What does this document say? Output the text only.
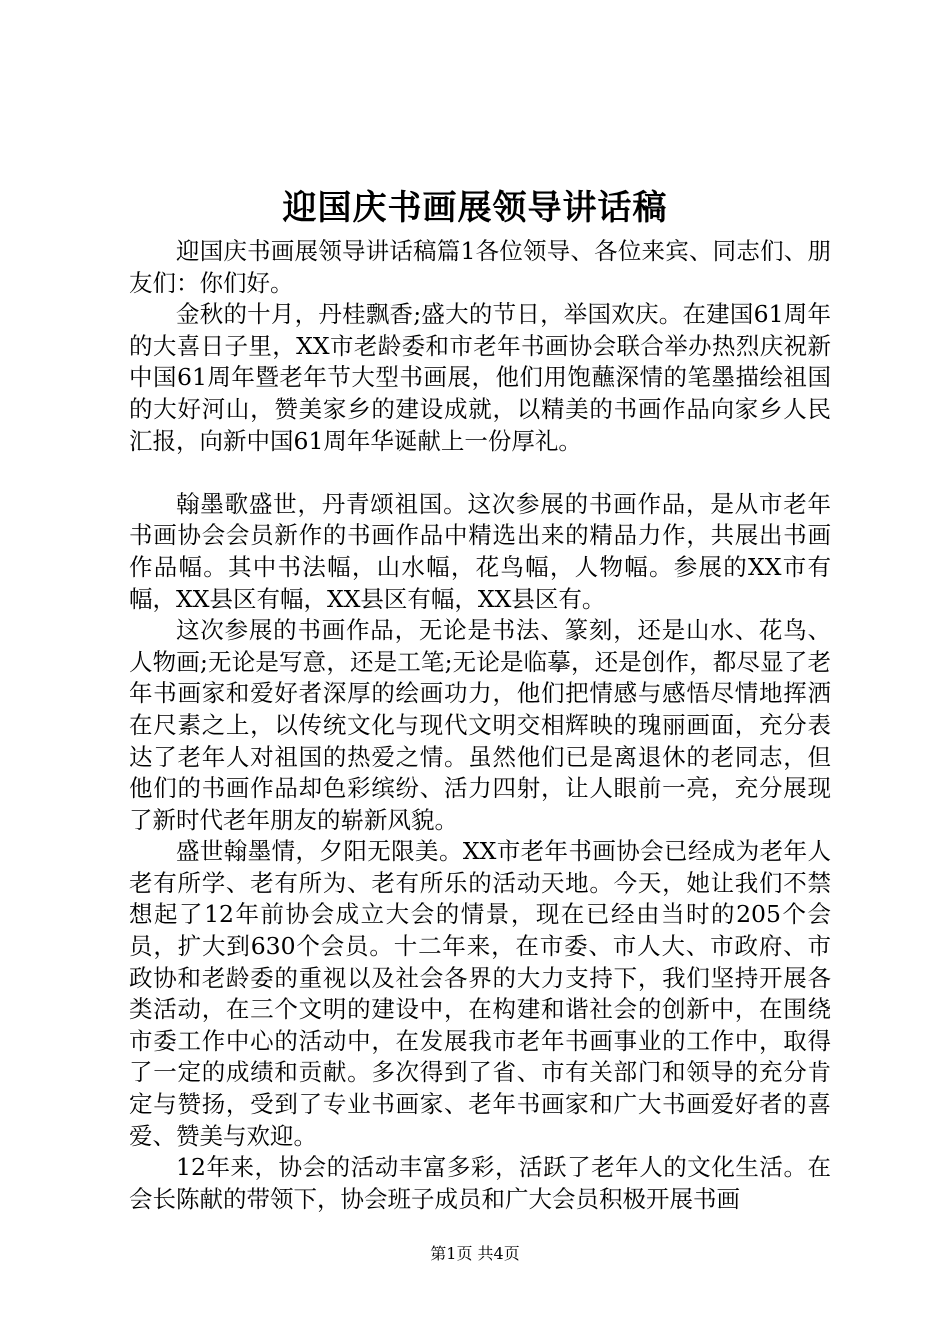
迎国庆书画展领导讲话稿

迎国庆书画展领导讲话稿篇1各位领导、各位来宾、同志们、朋友们：你们好。

金秋的十月，丹桂飘香;盛大的节日，举国欢庆。在建国61周年的大喜日子里，XX市老龄委和市老年书画协会联合举办热烈庆祝新中国61周年暨老年节大型书画展，他们用饱蘸深情的笔墨描绘祖国的大好河山，赞美家乡的建设成就，以精美的书画作品向家乡人民汇报，向新中国61周年华诞献上一份厚礼。

翰墨歌盛世，丹青颂祖国。这次参展的书画作品，是从市老年书画协会会员新作的书画作品中精选出来的精品力作，共展出书画作品幅。其中书法幅，山水幅，花鸟幅，人物幅。参展的XX市有幅，XX县区有幅，XX县区有幅，XX县区有。

这次参展的书画作品，无论是书法、篆刻，还是山水、花鸟、人物画;无论是写意，还是工笔;无论是临摹，还是创作，都尽显了老年书画家和爱好者深厚的绘画功力，他们把情感与感悟尽情地挥洒在尺素之上，以传统文化与现代文明交相辉映的瑰丽画面，充分表达了老年人对祖国的热爱之情。虽然他们已是离退休的老同志，但他们的书画作品却色彩缤纷、活力四射，让人眼前一亮，充分展现了新时代老年朋友的崭新风貌。

盛世翰墨情，夕阳无限美。XX市老年书画协会已经成为老年人老有所学、老有所为、老有所乐的活动天地。今天，她让我们不禁想起了12年前协会成立大会的情景，现在已经由当时的205个会员，扩大到630个会员。十二年来，在市委、市人大、市政府、市政协和老龄委的重视以及社会各界的大力支持下，我们坚持开展各类活动，在三个文明的建设中，在构建和谐社会的创新中，在围绕市委工作中心的活动中，在发展我市老年书画事业的工作中，取得了一定的成绩和贡献。多次得到了省、市有关部门和领导的充分肯定与赞扬，受到了专业书画家、老年书画家和广大书画爱好者的喜爱、赞美与欢迎。

12年来，协会的活动丰富多彩，活跃了老年人的文化生活。在会长陈献的带领下，协会班子成员和广大会员积极开展书画

第1页 共4页
